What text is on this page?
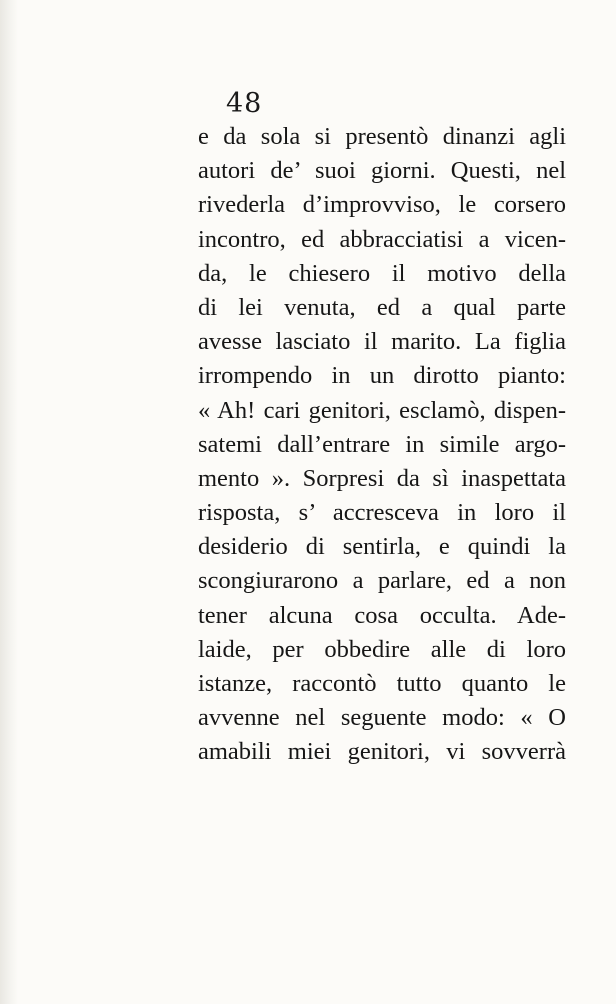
48
e da sola si presentò dinanzi agli
autori de’ suoi giorni. Questi, nel
rivederla d’improvviso, le corsero
incontro, ed abbracciatisi a vicen-
da, le chiesero il motivo della
di lei venuta, ed a qual parte
avesse lasciato il marito. La figlia
irrompendo in un dirotto pianto:
« Ah! cari genitori, esclamò, dispen-
satemi dall’entrare in simile argo-
mento ». Sorpresi da sì inaspettata
risposta, s’ accresceva in loro il
desiderio di sentirla, e quindi la
scongiurarono a parlare, ed a non
tener alcuna cosa occulta. Ade-
laide, per obbedire alle di loro
istanze, raccontò tutto quanto le
avvenne nel seguente modo: « O
amabili miei genitori, vi sovverrà
